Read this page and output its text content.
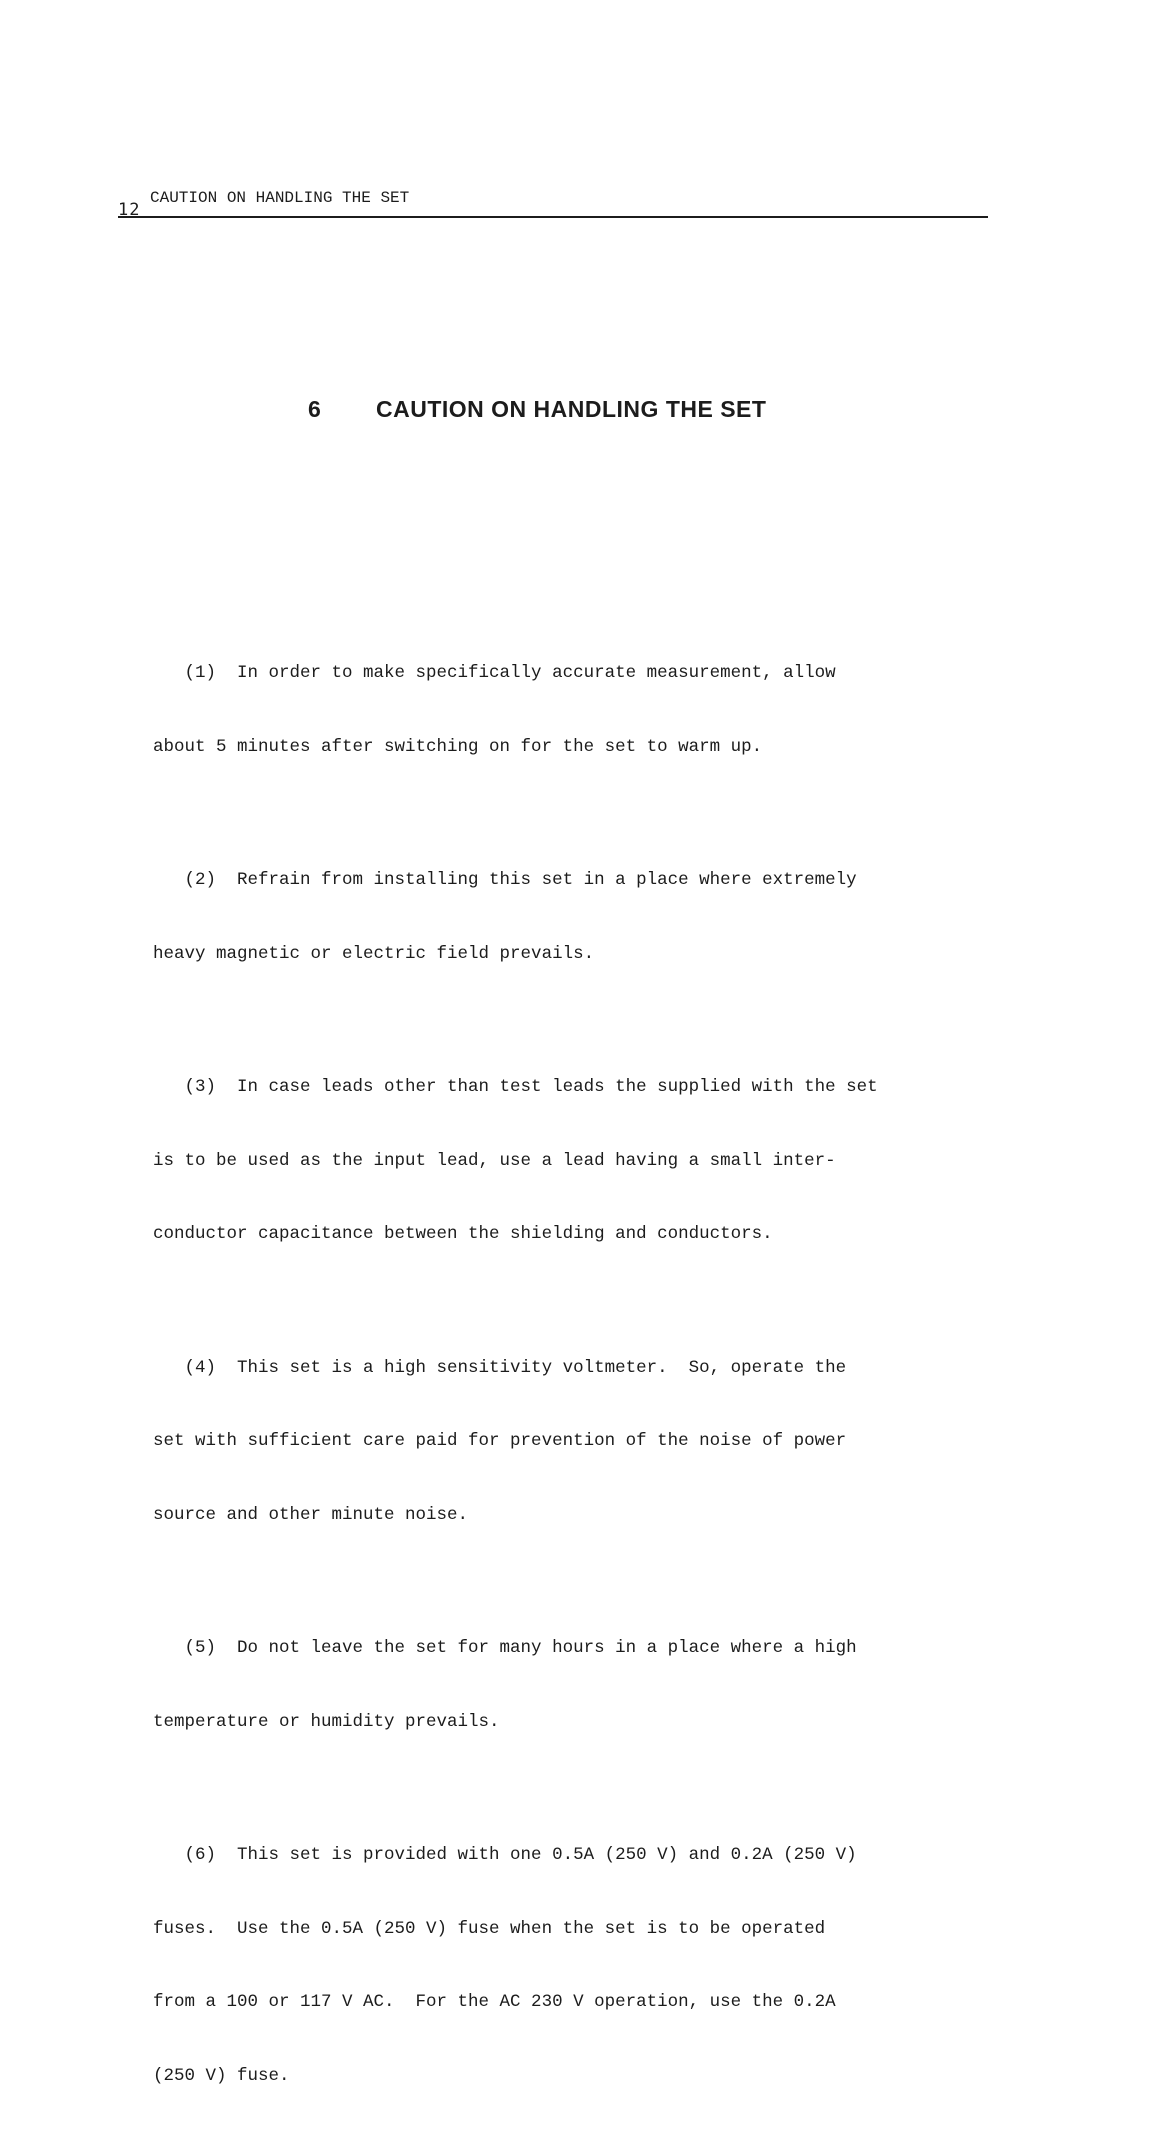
12
CAUTION ON HANDLING THE SET
6 CAUTION ON HANDLING THE SET

(1)  In order to make specifically accurate measurement, allow

about 5 minutes after switching on for the set to warm up.

(2)  Refrain from installing this set in a place where extremely

heavy magnetic or electric field prevails.

(3)  In case leads other than test leads the supplied with the set

is to be used as the input lead, use a lead having a small inter-

conductor capacitance between the shielding and conductors.

(4)  This set is a high sensitivity voltmeter.  So, operate the

set with sufficient care paid for prevention of the noise of power

source and other minute noise.

(5)  Do not leave the set for many hours in a place where a high

temperature or humidity prevails.

(6)  This set is provided with one 0.5A (250 V) and 0.2A (250 V)

fuses.  Use the 0.5A (250 V) fuse when the set is to be operated

from a 100 or 117 V AC.  For the AC 230 V operation, use the 0.2A

(250 V) fuse.
